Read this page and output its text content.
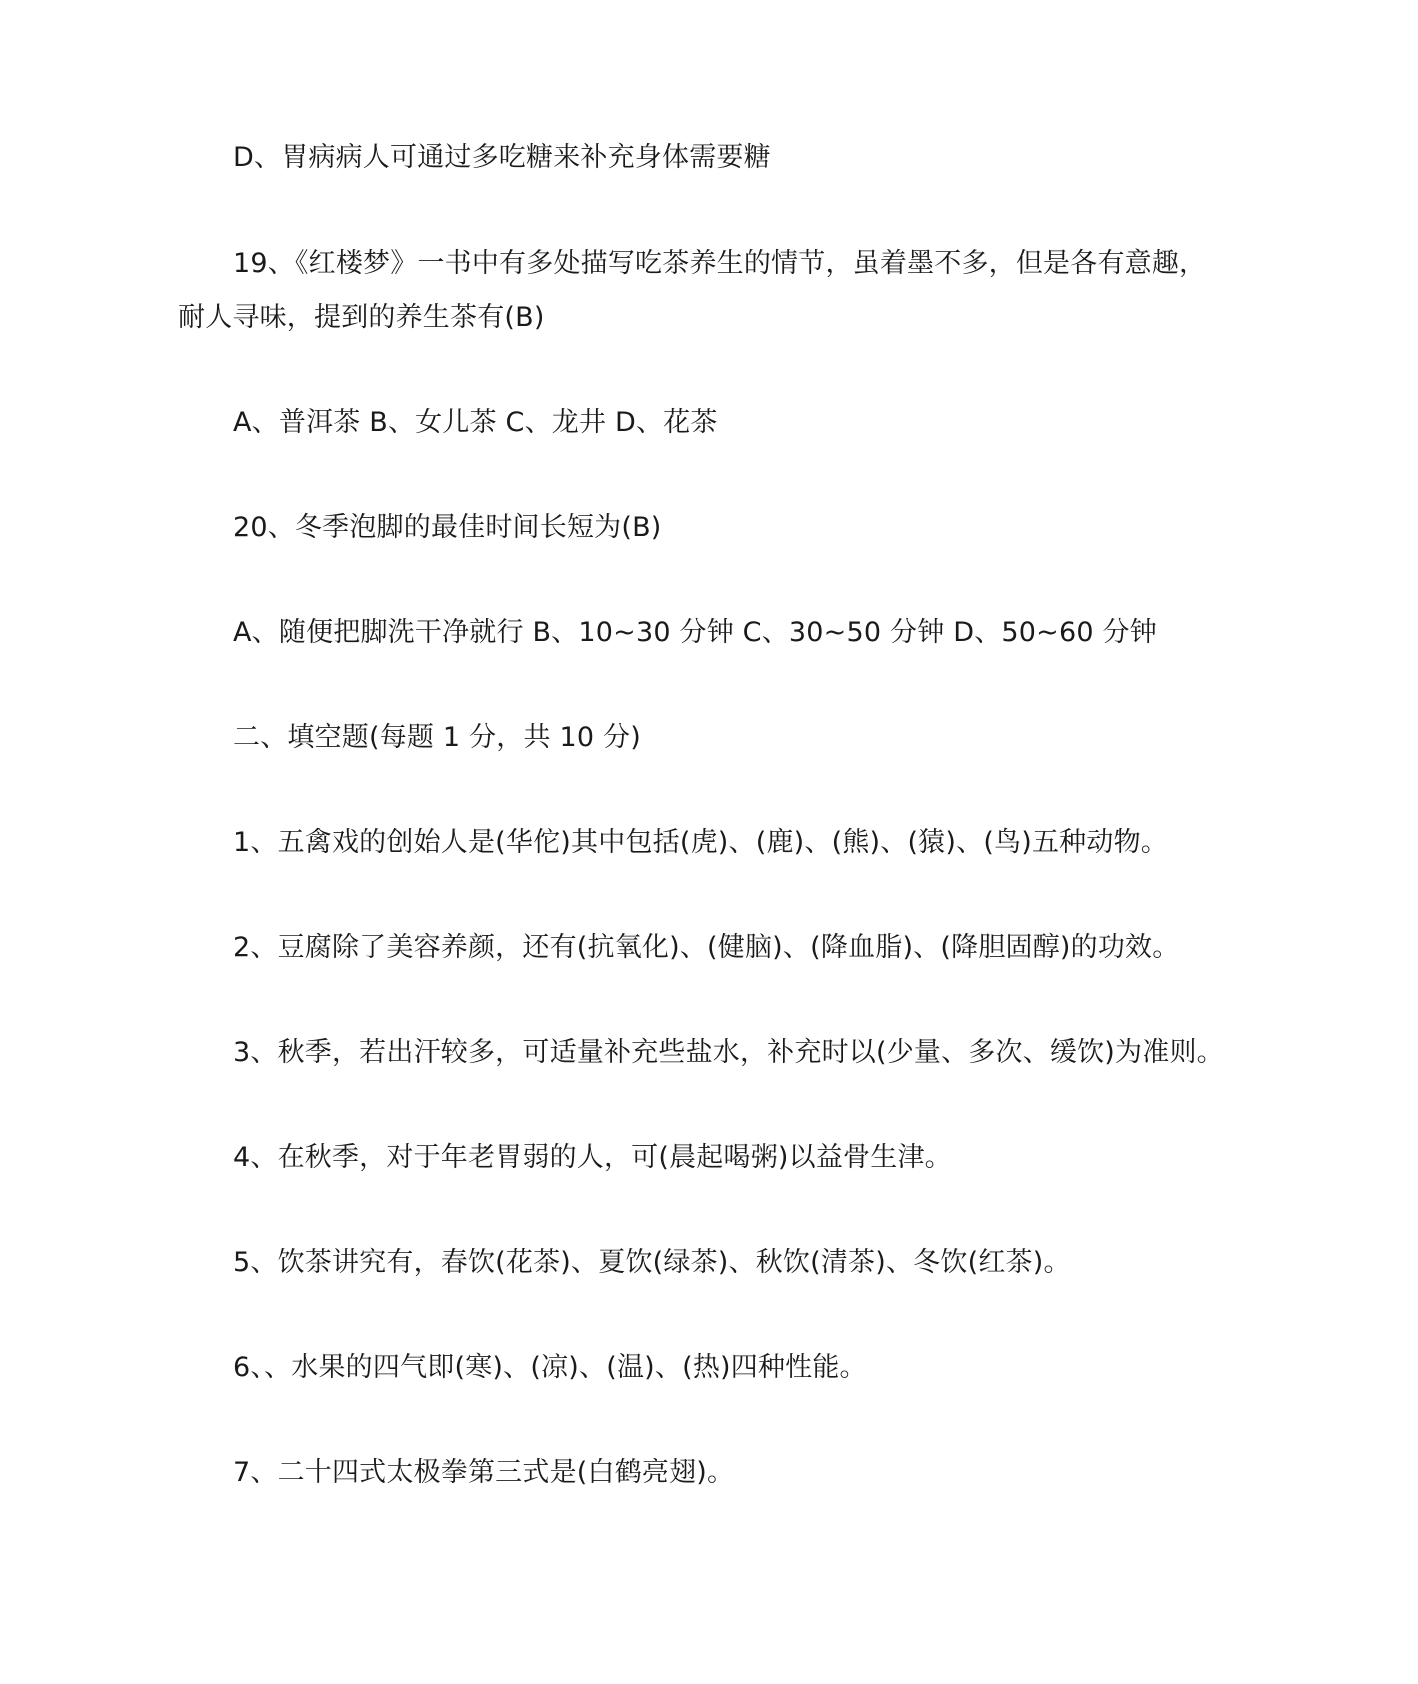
D、胃病病人可通过多吃糖来补充身体需要糖
19、《红楼梦》一书中有多处描写吃茶养生的情节，虽着墨不多，但是各有意趣，
耐人寻味，提到的养生茶有(B)
A、普洱茶 B、女儿茶 C、龙井 D、花茶
20、冬季泡脚的最佳时间长短为(B)
A、随便把脚洗干净就行 B、10~30 分钟 C、30~50 分钟 D、50~60 分钟
二、填空题(每题 1 分，共 10 分)
1、五禽戏的创始人是(华佗)其中包括(虎)、(鹿)、(熊)、(猿)、(鸟)五种动物。
2、豆腐除了美容养颜，还有(抗氧化)、(健脑)、(降血脂)、(降胆固醇)的功效。
3、秋季，若出汗较多，可适量补充些盐水，补充时以(少量、多次、缓饮)为准则。
4、在秋季，对于年老胃弱的人，可(晨起喝粥)以益骨生津。
5、饮茶讲究有，春饮(花茶)、夏饮(绿茶)、秋饮(清茶)、冬饮(红茶)。
6、、水果的四气即(寒)、(凉)、(温)、(热)四种性能。
7、二十四式太极拳第三式是(白鹤亮翅)。
